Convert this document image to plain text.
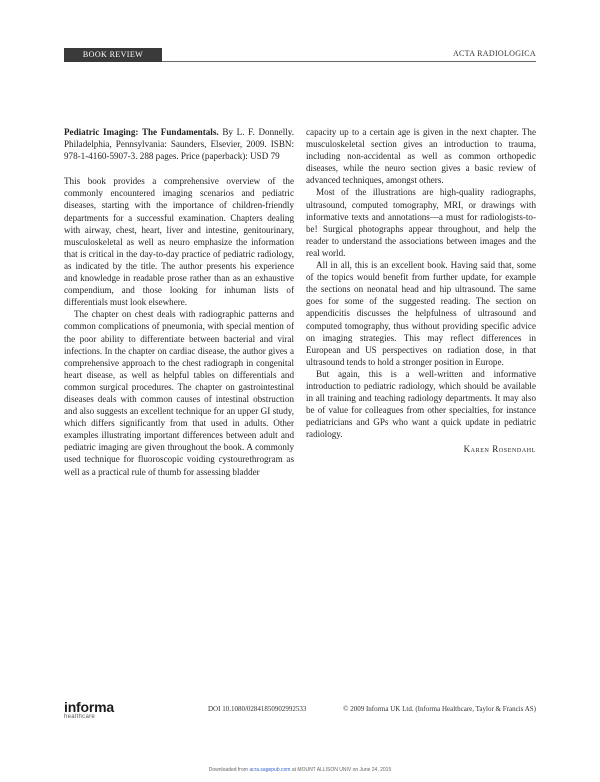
BOOK REVIEW	ACTA RADIOLOGICA

Pediatric Imaging: The Fundamentals. By L. F. Donnelly. Philadelphia, Pennsylvania: Saunders, Elsevier, 2009. ISBN: 978-1-4160-5907-3. 288 pages. Price (paperback): USD 79

This book provides a comprehensive overview of the commonly encountered imaging scenarios and pediatric diseases, starting with the importance of children-friendly departments for a successful examination. Chapters dealing with airway, chest, heart, liver and intestine, genitourinary, musculoskeletal as well as neuro emphasize the information that is critical in the day-to-day practice of pediatric radiology, as indicated by the title. The author presents his experience and knowledge in readable prose rather than as an exhaustive compendium, and those looking for inhuman lists of differentials must look elsewhere.

The chapter on chest deals with radiographic patterns and common complications of pneumonia, with special mention of the poor ability to differentiate between bacterial and viral infections. In the chapter on cardiac disease, the author gives a comprehensive approach to the chest radiograph in congenital heart disease, as well as helpful tables on differentials and common surgical procedures. The chapter on gastrointestinal diseases deals with common causes of intestinal obstruction and also suggests an excellent technique for an upper GI study, which differs significantly from that used in adults. Other examples illustrating important differences between adult and pediatric imaging are given throughout the book. A commonly used technique for fluoroscopic voiding cystourethrogram as well as a practical rule of thumb for assessing bladder

capacity up to a certain age is given in the next chapter. The musculoskeletal section gives an introduction to trauma, including non-accidental as well as common orthopedic diseases, while the neuro section gives a basic review of advanced techniques, amongst others.

Most of the illustrations are high-quality radiographs, ultrasound, computed tomography, MRI, or drawings with informative texts and annotations—a must for radiologists-to-be! Surgical photographs appear throughout, and help the reader to understand the associations between images and the real world.

All in all, this is an excellent book. Having said that, some of the topics would benefit from further update, for example the sections on neonatal head and hip ultrasound. The same goes for some of the suggested reading. The section on appendicitis discusses the helpfulness of ultrasound and computed tomography, thus without providing specific advice on imaging strategies. This may reflect differences in European and US perspectives on radiation dose, in that ultrasound tends to hold a stronger position in Europe.

But again, this is a well-written and informative introduction to pediatric radiology, which should be available in all training and teaching radiology departments. It may also be of value for colleagues from other specialties, for instance pediatricians and GPs who want a quick update in pediatric radiology.

Karen Rosendahl
informa
healthcare
DOI 10.1080/02841850902992533	© 2009 Informa UK Ltd. (Informa Healthcare, Taylor & Francis AS)
Downloaded from acra.sagepub.com at MOUNT ALLISON UNIV on June 24, 2015
